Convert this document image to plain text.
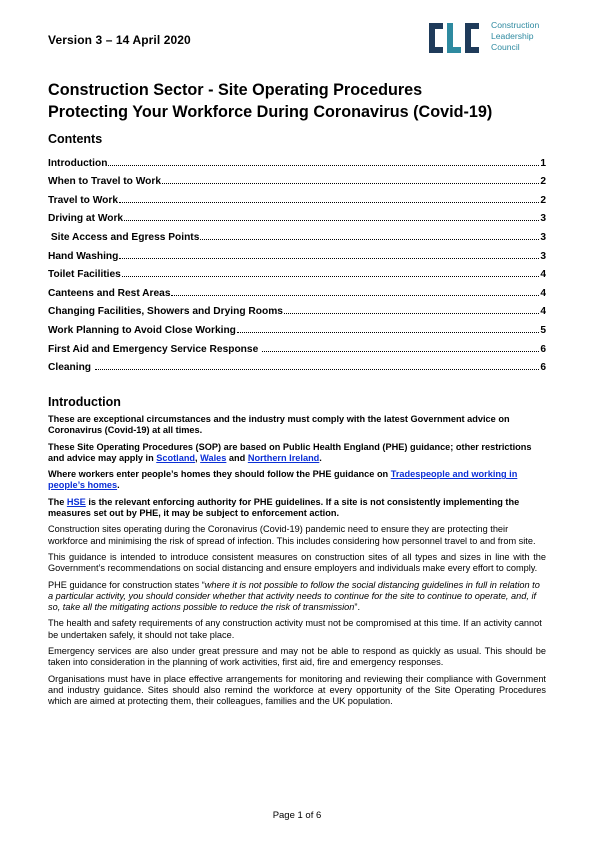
Version 3 – 14 April 2020
Construction
Leadership
Council
Construction Sector - Site Operating Procedures
Protecting Your Workforce During Coronavirus (Covid-19)
Contents
Introduction	1
When to Travel to Work	2
Travel to Work	2
Driving at Work	3
Site Access and Egress Points	3
Hand Washing	3
Toilet Facilities	4
Canteens and Rest Areas	4
Changing Facilities, Showers and Drying Rooms	4
Work Planning to Avoid Close Working	5
First Aid and Emergency Service Response	6
Cleaning	6
Introduction

These are exceptional circumstances and the industry must comply with the latest Government advice on Coronavirus (Covid-19) at all times.

These Site Operating Procedures (SOP) are based on Public Health England (PHE) guidance; other restrictions and advice may apply in Scotland, Wales and Northern Ireland.

Where workers enter people’s homes they should follow the PHE guidance on Tradespeople and working in people’s homes.

The HSE is the relevant enforcing authority for PHE guidelines. If a site is not consistently implementing the measures set out by PHE, it may be subject to enforcement action.

Construction sites operating during the Coronavirus (Covid-19) pandemic need to ensure they are protecting their workforce and minimising the risk of spread of infection. This includes considering how personnel travel to and from site.

This guidance is intended to introduce consistent measures on construction sites of all types and sizes in line with the Government’s recommendations on social distancing and ensure employers and individuals make every effort to comply.

PHE guidance for construction states “where it is not possible to follow the social distancing guidelines in full in relation to a particular activity, you should consider whether that activity needs to continue for the site to continue to operate, and, if so, take all the mitigating actions possible to reduce the risk of transmission”.

The health and safety requirements of any construction activity must not be compromised at this time. If an activity cannot be undertaken safely, it should not take place.

Emergency services are also under great pressure and may not be able to respond as quickly as usual. This should be taken into consideration in the planning of work activities, first aid, fire and emergency responses.

Organisations must have in place effective arrangements for monitoring and reviewing their compliance with Government and industry guidance. Sites should also remind the workforce at every opportunity of the Site Operating Procedures which are aimed at protecting them, their colleagues, families and the UK population.

Page 1 of 6
